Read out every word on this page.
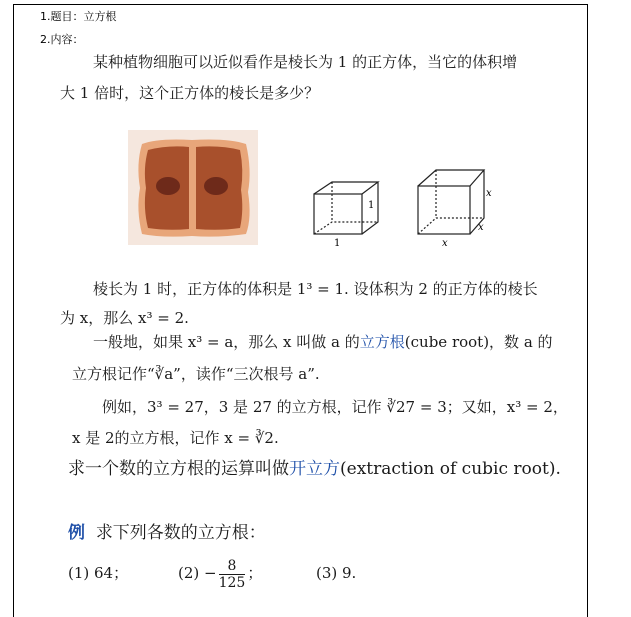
1.题目：立方根
2.内容：
某种植物细胞可以近似看作是棱长为 1 的正方体，当它的体积增
大 1 倍时，这个正方体的棱长是多少？
1
1
x
x
x
棱长为 1 时，正方体的体积是 1³ = 1. 设体积为 2 的正方体的棱长
为 x，那么 x³ = 2.
一般地，如果 x³ = a，那么 x 叫做 a 的立方根(cube root)，数 a 的
立方根记作“∛a”，读作“三次根号 a”.
例如，3³ = 27，3 是 27 的立方根，记作 ∛27 = 3；又如，x³ = 2，
x 是 2的立方根，记作 x = ∛2.
求一个数的立方根的运算叫做开立方(extraction of cubic root).
例 求下列各数的立方根：
(1) 64；	$(2) - \frac{8}{125}$ ；	(3) 9.
